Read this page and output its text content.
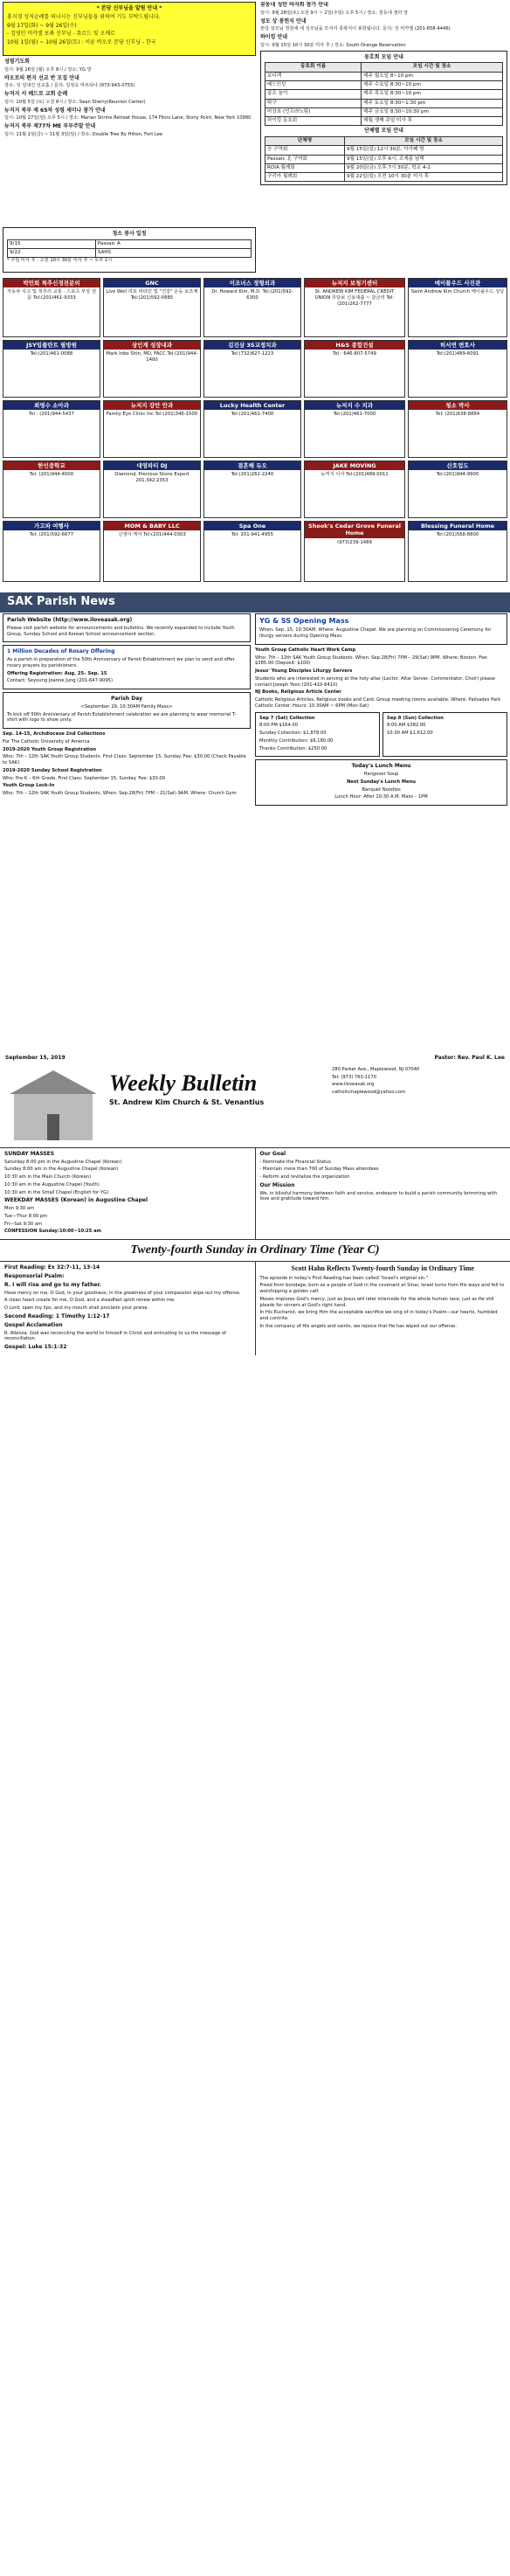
* 본당 신부님을 알림 안내 *

홍지경 성직순례를 떠나시는 신부님들을 위하여 기도 부탁드립니다.

9월 17일(화) ~ 9월 26일(수)

- 김영민 미카엘 보좌 신부님 - 뮤르드 및 오베르

10월 1일(월) ~ 10월 26일(토) : 이윤 바오로 본당 신부님 - 한국

성령기도회

일시: 9월 16일 (월) 오후 8시 / 장소: YG 방

바오로의 편지 선교 반 모집 안내

장소: 성 김대건 선교홀 / 문의: 김정옥 마르티나 (973-943-0755)

뉴저지 서 베드로 교회 순례

일시: 10월 5일 (토) 오전 8시 / 장소: Sean Sherry(Reunion Center)

뉴저지 북부 제 65차 성령 세미나 참가 안내

일시: 10월 27일(일) 오후 5시 / 장소: Marian Shrine Retreat House, 174 Filors Lane, Stony Point, New York 10980

뉴저지 북부 제77차 ME 부부주말 안내

일시: 11월 1일(금) ~ 11월 3일(일) / 장소: Double Tree By Hilton, Fort Lee

청소 봉사 일정

9/15	Passaic A
9/22	SAHS

* 주일 미사 후 : 오전 10시 30분 미사 후 ~ 오후 1시

꿈동네 성탄 바자회 참가 안내

일시: 9월 28일(토) 오전 9시 ~ 2일(주일) 오후 5시 / 장소: 꿈동네 센터 앞

성모 상 봉헌식 안내

본당 성모님 정원에 새 성모님을 모셔서 축복식이 봉헌됩니다. 문의: 성 미카엘 (201-658-4446)

하이킹 안내

일시: 9월 15일 10시 30분 미사 후 / 장소: South Orange Reservation

동호회 모임 안내

동호회 이름	모임 시간 및 장소
보디랙	매주 월요일 8~10 pm
배드민턴	매주 수요일 8:30~10 pm
골프 놀이	매주 목요일 8:30~10 pm
탁구	매주 토요일 8:30~1:30 pm
마상초 (인프라노팀)	매주 금요일 8:30~10:30 pm
하이킹 동호회	매월 셋째 주일 미사 후

단체별 모임 안내

단체명	모임 시간 및 장소
승 구역회	9월 15일(일) 12시 30분, 아가페 방
Passaic 北 구역회	9월 15일(일) 오후 6시, 조재홍 남택
ROIA 월례회	9월 20일(금) 오후 7시 30분, 학교 4-2
구리아 월례회	9월 22일(일) 오전 10시 30분 미사 후
박민희 척추신경전문의
자동차 사고 및 척추의 교통 · 스포츠 부상 전문 Tel:(201)461-9333
GNC
Live Well 리포 비타민 및 "건강" 운동 보조제 Tel:(201)592-0885
이조녀스 정형외과
Dr. Howard Kim, M.D. Tel:(201)592-6300
뉴저지 보청기센터
St. ANDREW KIM FEDERAL CREDIT UNION 무담보 신용대출 ~ 갈금리 Tel:(201)262-7777
메이플우드 사진관
Saint Andrew Kim Church 메이플우드 성당
JSY임플란트 필방원
Tel:(201)461-0088
상인계 성장내과
Mark Inbo Shin, MD, FACC Tel:(201)944-1400
김진삼 3S교정치과
Tel:(732)627-1223
H&S 종합건설
Tel : 646-807-5749
히서연 변호사
Tel:(201)489-6091
최영수 소아과
Tel : (201)944-5437
뉴저지 강안 안과
Family Eye Clinic Inc Tel:(201)346-1500
Lucky Health Center
Tel:(201)461-7400
뉴저지 수 치과
Tel:(201)461-7000
청소 박사
Tel: (201)638-8884
한인중학교
Tel: (201)944-4000
대영파티 DJ
Diamond, Precious Stone Expert 201.342.2353
결혼해 듀오
Tel:(201)262-2240
JAKE MOVING
뉴저지 이사 Tel:(201)489-0011
산호업도
Tel:(201)944-9900
가고파 여행사
Tel: (201)592-6677
MOM & BABY LLC
신생아 케어 Tel:(201)444-0303
Spa One
Tel: 201-941-4955
Shook's Cedar Grove Funeral Home
(973)239-1489
Blessing Funeral Home
Tel:(201)568-8800
SAK Parish News

Parish Website (http://www.iloveasak.org)

Please visit parish website for announcements and bulletins. We recently expanded to include Youth Group, Sunday School and Korean School announcement section.

1 Million Decades of Rosary Offering

As a parish in preparation of the 50th Anniversary of Parish Establishment we plan to send and offer rosary prayers by parishioners.

Offering Registration: Aug. 25– Sep. 15

Contact: Seyoung Joanne Jung (201-647-9095)

Parish Day

<September 29, 10:30AM Family Mass>

To kick off 50th Anniversary of Parish Establishment celebration we are planning to wear memorial T-shirt with logo to show unity.

Sep. 14-15, Archdiocese 2nd Collections

For The Catholic University of America

2019-2020 Youth Group Registration

Who: 7th – 12th SAK Youth Group Students. First Class: September 15, Sunday. Fee: $30.00 (Check Payable to SAK)

2019-2020 Sunday School Registration

Who: Pre K – 6th Grade. First Class: September 15, Sunday. Fee: $30.00

Youth Group Lock-In

Who: 7th – 12th SAK Youth Group Students. When: Sep.28(Fri) 7PM – 21(Sat) 9AM. Where: Church Gym

YG & SS Opening Mass

When: Sep. 15, 10:30AM. Where: Augustine Chapel. We are planning on Commissioning Ceremony for liturgy servers during Opening Mass.

Youth Group Catholic Heart Work Camp

Who: 7th – 12th SAK Youth Group Students. When: Sep.28(Fri) 7PM – 29(Sat) 9PM. Where: Boston. Fee: $385.00 (Deposit: $100)

Jesus' Young Disciples Liturgy Servers

Students who are interested in serving at the holy altar (Lector, Altar Server, Commentator, Choir) please contact Joseph Yoon (201-410-6410)

NJ Books, Religious Article Center

Catholic Religious Articles, Religious books and Card. Group meeting rooms available. Where: Palisades Park Catholic Center. Hours: 10:30AM ~ 6PM (Mon-Sat)

Sep 7 (Sat) Collection

8:00 PM $164.00

Sunday Collection: $1,878.00

Monthly Contribution: $6,180.00

Thanks Contribution: $250.00

Sep 8 (Sun) Collection

8:00 AM $382.00

10:30 AM $1,612.00

Today's Lunch Menu

Hangover Soup

Next Sunday's Lunch Menu

Banquet Noodles

Lunch Hour: After 10:30 A.M. Mass – 1PM

September 15, 2019	Pastor: Rev. Paul K. Lee
Weekly Bulletin
St. Andrew Kim Church & St. Venantius

280 Parker Ave., Maplewood, NJ 07040

Tel: (973) 763-1170

www.iloveasak.org

catholicmaplewood@yahoo.com

SUNDAY MASSES

Saturday 8:00 pm in the Augustine Chapel (Korean)

Sunday 8:00 am in the Augustine Chapel (Korean)

10:30 am in the Main Church (Korean)

10:30 am in the Augustine Chapel (Youth)

10:30 am in the Small Chapel (English for YG)

WEEKDAY MASSES (Korean) in Augustine Chapel

Mon 9:30 am

Tue—Thur 8:00 pm

Fri—Sat 9:30 am

CONFESSION Sunday:10:00~10:25 am

Our Goal

- Nominate the Financial Status

- Maintain more than 700 of Sunday Mass attendees

- Reform and revitalize the organization

Our Mission

We, in blissful harmony between faith and service, endeavor to build a parish community brimming with love and gratitude toward him.

Twenty-fourth Sunday in Ordinary Time (Year C)

First Reading: Ex 32:7-11, 13-14

Responsorial Psalm:

R. I will rise and go to my father.

Have mercy on me, O God, in your goodness; in the greatness of your compassion wipe out my offense.

A clean heart create for me, O God, and a steadfast spirit renew within me.

O Lord, open my lips, and my mouth shall proclaim your praise.

Second Reading: 1 Timothy 1:12-17

Gospel Acclamation

R. Alleluia. God was reconciling the world to himself in Christ and entrusting to us the message of reconciliation.

Gospel: Luke 15:1-32

Scott Hahn Reflects Twenty-fourth Sunday in Ordinary Time

The episode in today's First Reading has been called "Israel's original sin."

Freed from bondage, born as a people of God in the covenant at Sinai, Israel turns from His ways and fell to worshipping a golden calf.

Moses implores God's mercy, just as Jesus will later intercede for the whole human race, just as He still pleads for sinners at God's right hand.

In His Eucharist, we bring Him the acceptable sacrifice we sing of in today's Psalm—our hearts, humbled and contrite.

In the company of His angels and saints, we rejoice that He has wiped out our offense.
